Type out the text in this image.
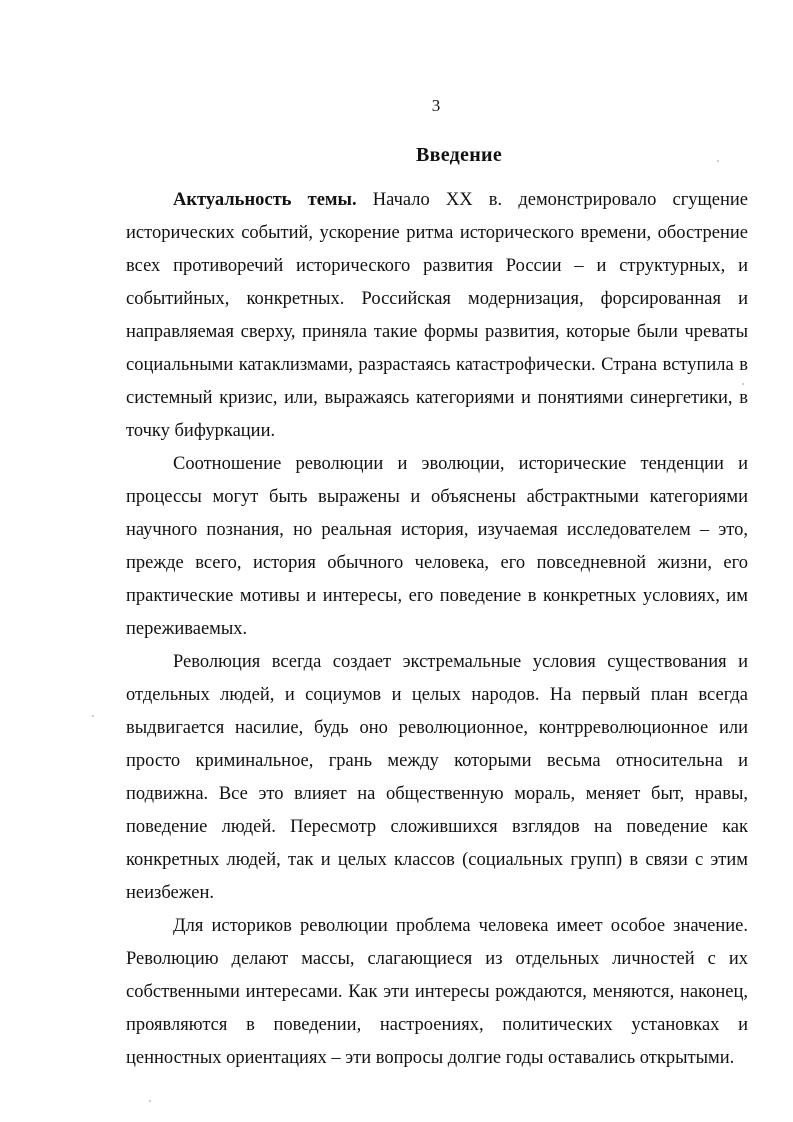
3
Введение

Актуальность темы. Начало XX в. демонстрировало сгущение исторических событий, ускорение ритма исторического времени, обострение всех противоречий исторического развития России – и структурных, и событийных, конкретных. Российская модернизация, форсированная и направляемая сверху, приняла такие формы развития, которые были чреваты социальными катаклизмами, разрастаясь катастрофически. Страна вступила в системный кризис, или, выражаясь категориями и понятиями синергетики, в точку бифуркации.

Соотношение революции и эволюции, исторические тенденции и процессы могут быть выражены и объяснены абстрактными категориями научного познания, но реальная история, изучаемая исследователем – это, прежде всего, история обычного человека, его повседневной жизни, его практические мотивы и интересы, его поведение в конкретных условиях, им переживаемых.

Революция всегда создает экстремальные условия существования и отдельных людей, и социумов и целых народов. На первый план всегда выдвигается насилие, будь оно революционное, контрреволюционное или просто криминальное, грань между которыми весьма относительна и подвижна. Все это влияет на общественную мораль, меняет быт, нравы, поведение людей. Пересмотр сложившихся взглядов на поведение как конкретных людей, так и целых классов (социальных групп) в связи с этим неизбежен.

Для историков революции проблема человека имеет особое значение. Революцию делают массы, слагающиеся из отдельных личностей с их собственными интересами. Как эти интересы рождаются, меняются, наконец, проявляются в поведении, настроениях, политических установках и ценностных ориентациях – эти вопросы долгие годы оставались открытыми.
